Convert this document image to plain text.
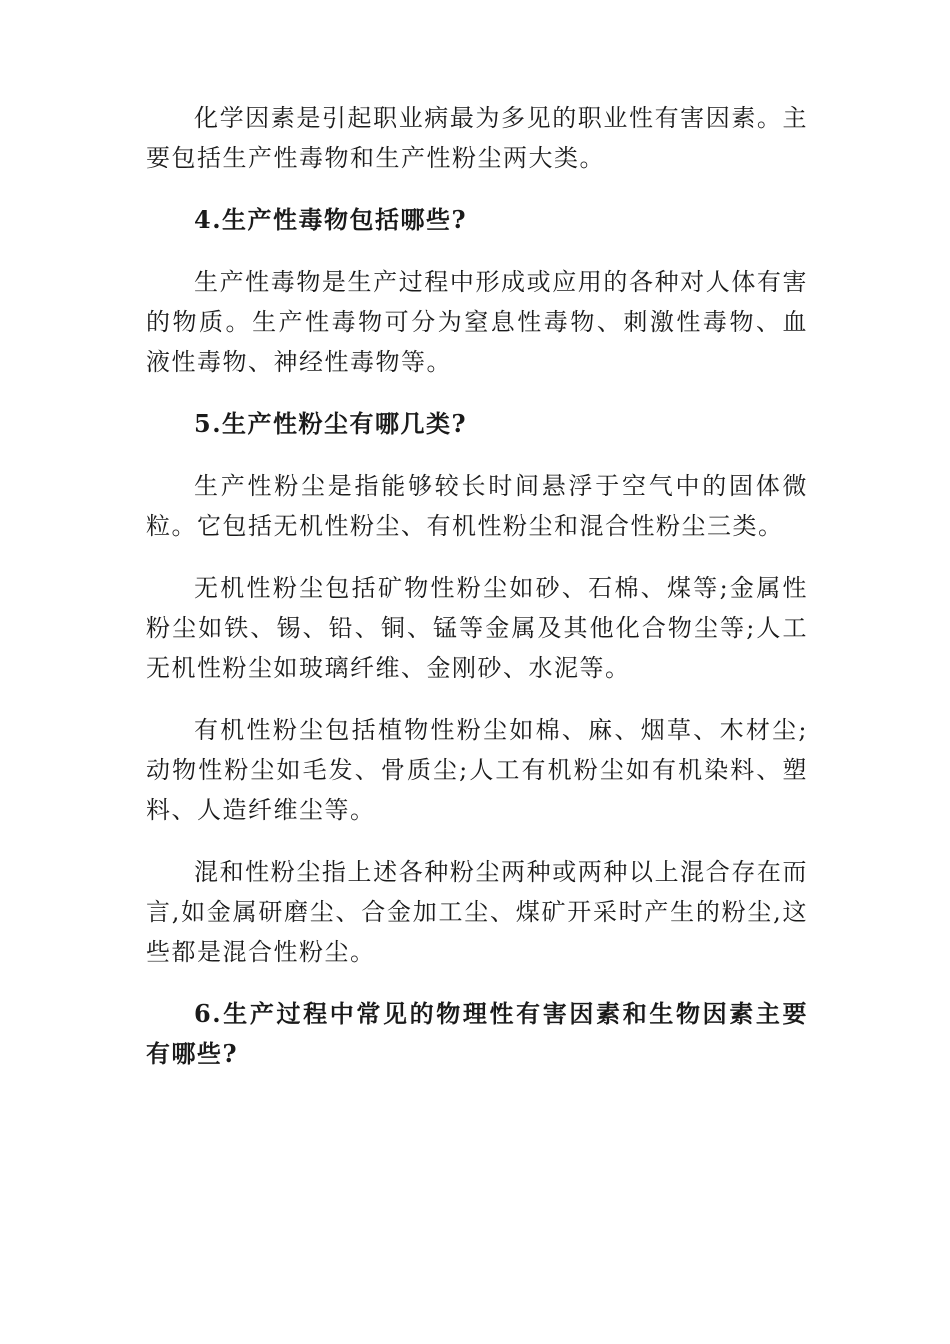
化学因素是引起职业病最为多见的职业性有害因素。主要包括生产性毒物和生产性粉尘两大类。

4.生产性毒物包括哪些?

生产性毒物是生产过程中形成或应用的各种对人体有害的物质。生产性毒物可分为窒息性毒物、刺激性毒物、血液性毒物、神经性毒物等。

5.生产性粉尘有哪几类?

生产性粉尘是指能够较长时间悬浮于空气中的固体微粒。它包括无机性粉尘、有机性粉尘和混合性粉尘三类。

无机性粉尘包括矿物性粉尘如砂、石棉、煤等;金属性粉尘如铁、锡、铅、铜、锰等金属及其他化合物尘等;人工无机性粉尘如玻璃纤维、金刚砂、水泥等。

有机性粉尘包括植物性粉尘如棉、麻、烟草、木材尘;动物性粉尘如毛发、骨质尘;人工有机粉尘如有机染料、塑料、人造纤维尘等。

混和性粉尘指上述各种粉尘两种或两种以上混合存在而言,如金属研磨尘、合金加工尘、煤矿开采时产生的粉尘,这些都是混合性粉尘。

6.生产过程中常见的物理性有害因素和生物因素主要有哪些?
